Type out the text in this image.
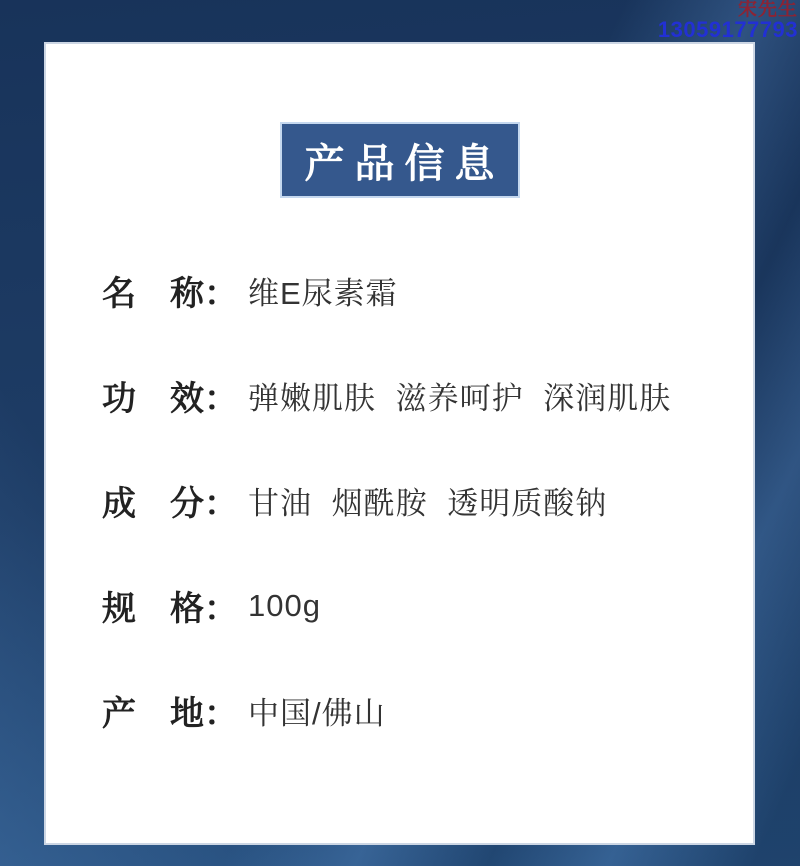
宋先生
13059177793
产品信息
名　称： 维E尿素霜
功　效： 弹嫩肌肤 滋养呵护 深润肌肤
成　分： 甘油 烟酰胺 透明质酸钠
规　格： 100g
产　地： 中国/佛山
